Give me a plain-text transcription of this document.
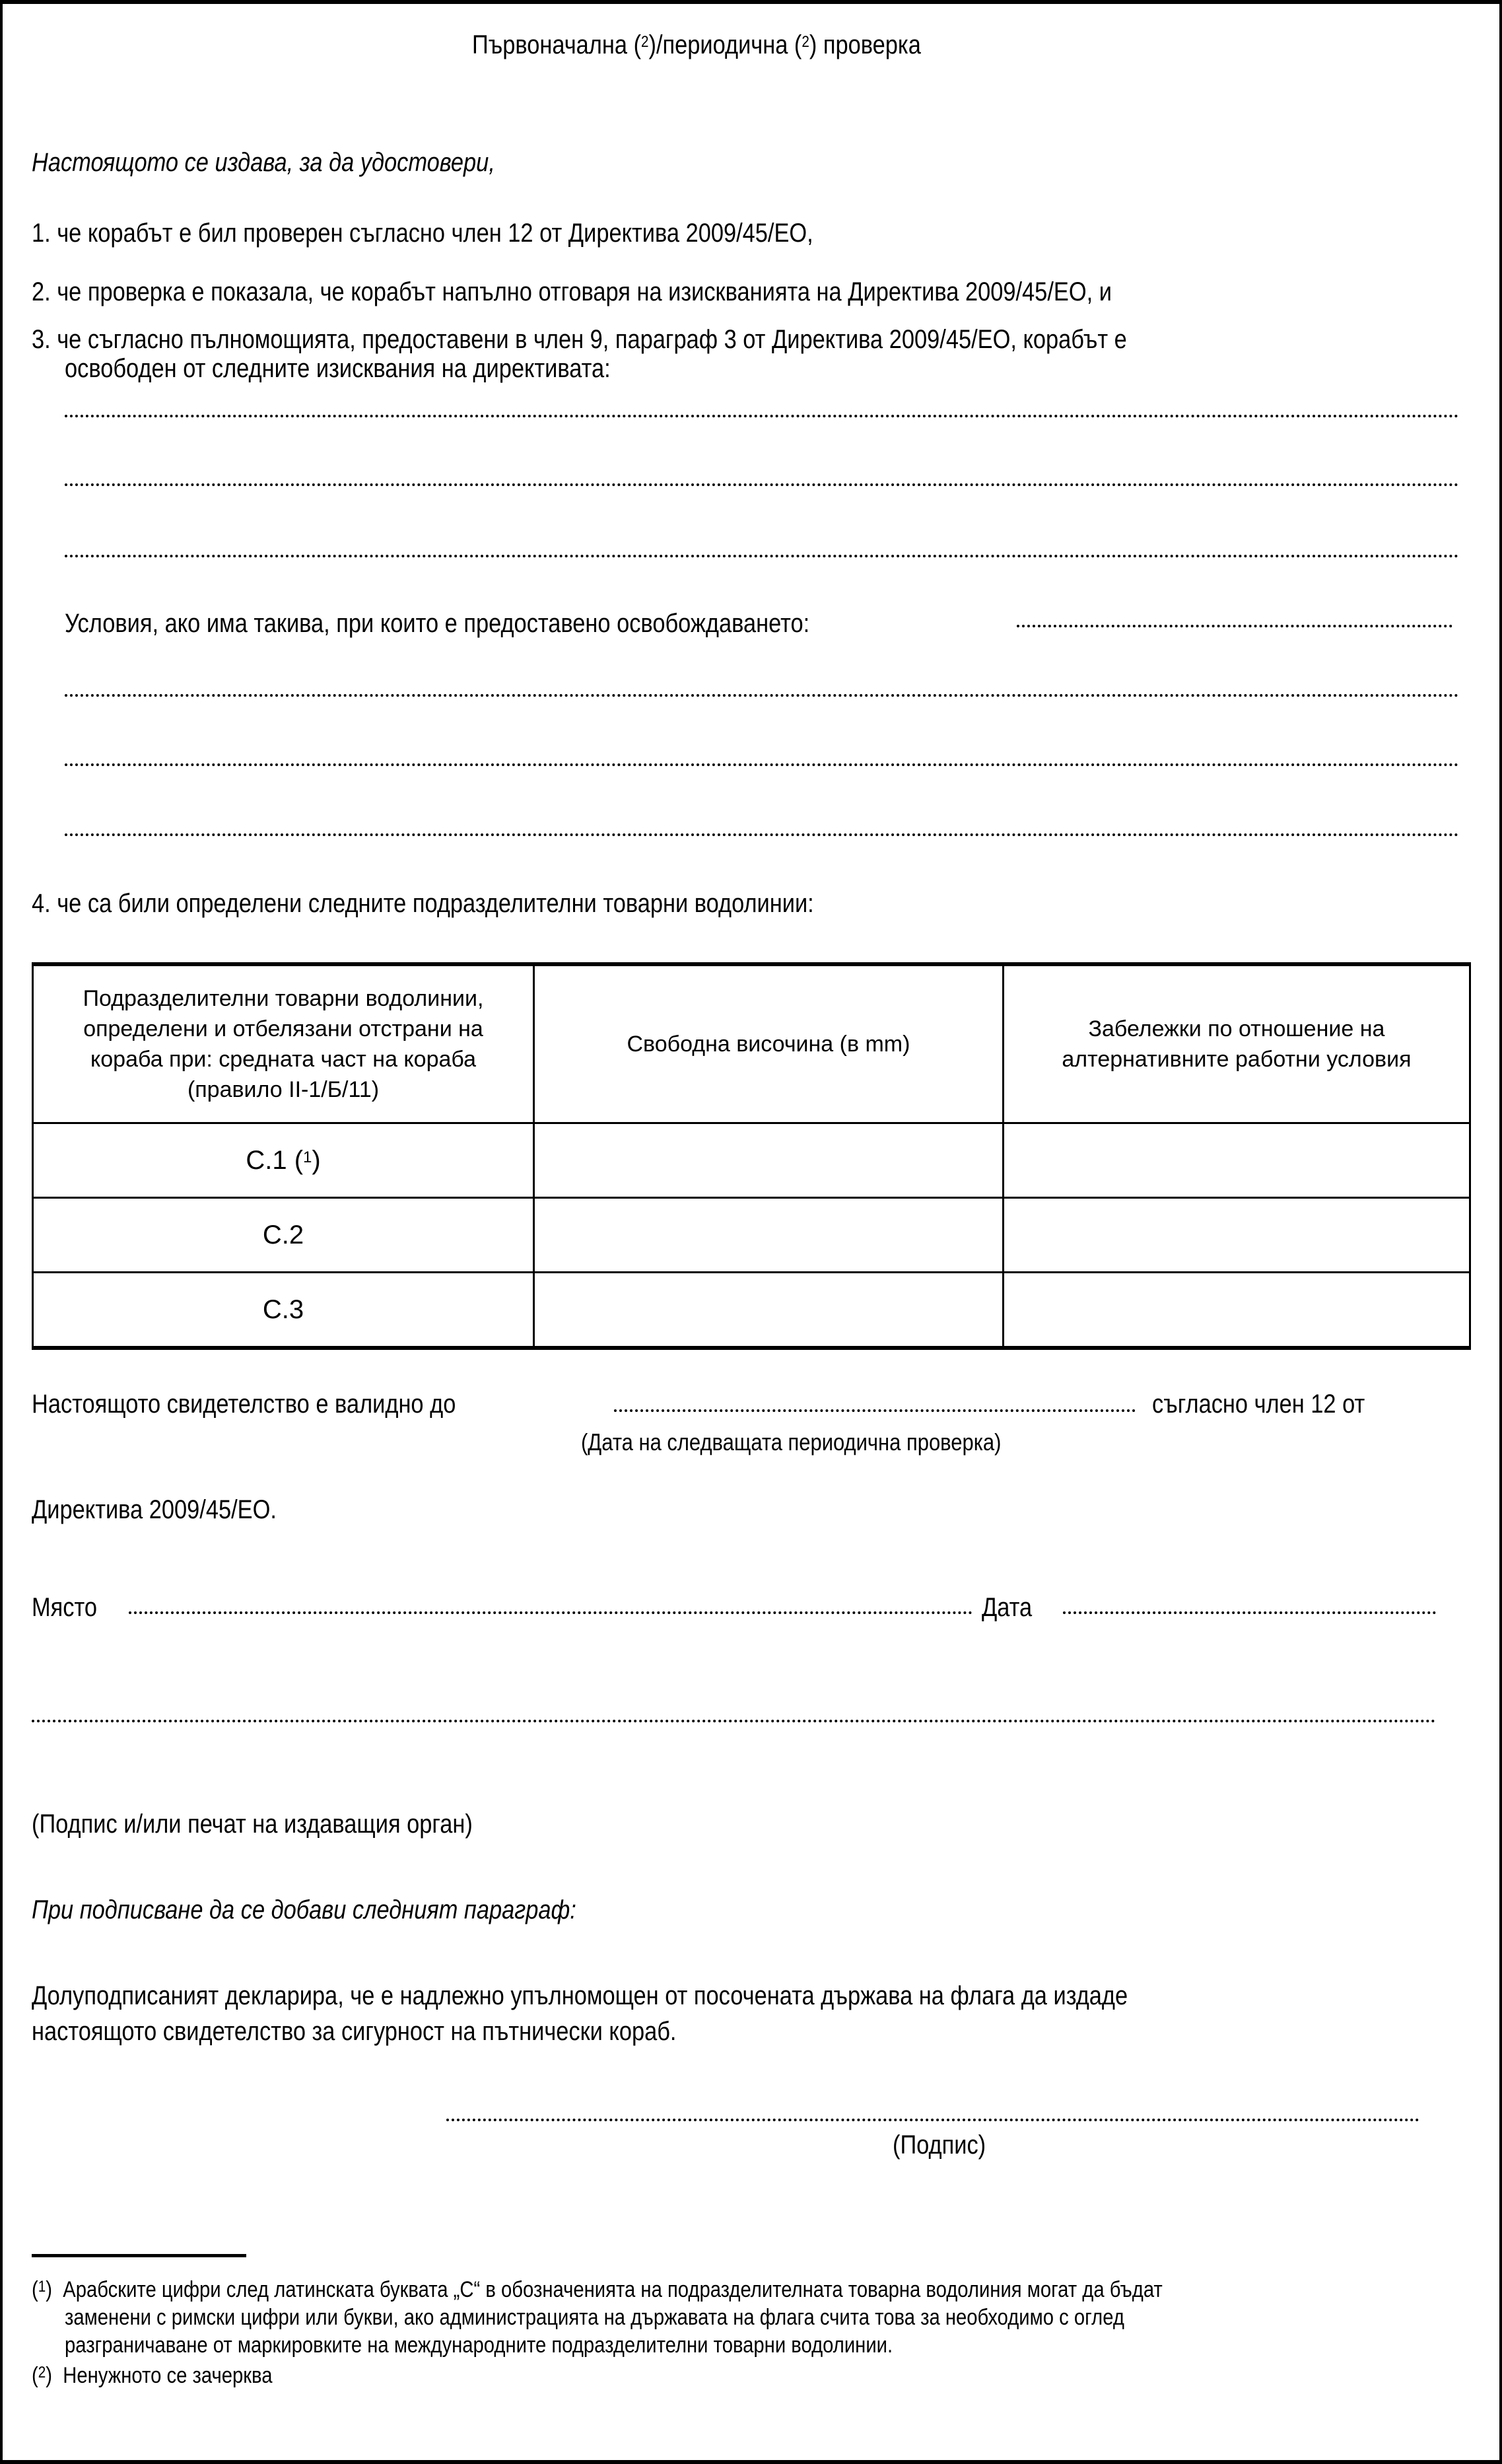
Първоначална ($^2$)/периодична ($^2$) проверка
Настоящото се издава, за да удостовери,
1. че корабът е бил проверен съгласно член 12 от Директива 2009/45/ЕО,
2. че проверка е показала, че корабът напълно отговаря на изискванията на Директива 2009/45/ЕО, и
3. че съгласно пълномощията, предоставени в член 9, параграф 3 от Директива 2009/45/ЕО, корабът е
освободен от следните изисквания на директивата:
Условия, ако има такива, при които е предоставено освобождаването:
4. че са били определени следните подразделителни товарни водолинии:
Подразделителни товарни водолинии, определени и отбелязани отстрани на кораба при: средната част на кораба (правило II-1/Б/11)	Свободна височина (в mm)	Забележки по отношение на алтернативните работни условия
C.1 ($^1$)		
C.2		
C.3		
Настоящото свидетелство е валидно до	съгласно член 12 от
(Дата на следващата периодична проверка)
Директива 2009/45/ЕО.
Място	Дата
(Подпис и/или печат на издаващия орган)
При подписване да се добави следният параграф:
Долуподписаният декларира, че е надлежно упълномощен от посочената държава на флага да издаде
настоящото свидетелство за сигурност на пътнически кораб.
(Подпис)
($^1$)  Арабските цифри след латинската буквата „C“ в обозначенията на подразделителната товарна водолиния могат да бъдат
заменени с римски цифри или букви, ако администрацията на държавата на флага счита това за необходимо с оглед
разграничаване от маркировките на международните подразделителни товарни водолинии.
($^2$)  Ненужното се зачерква
